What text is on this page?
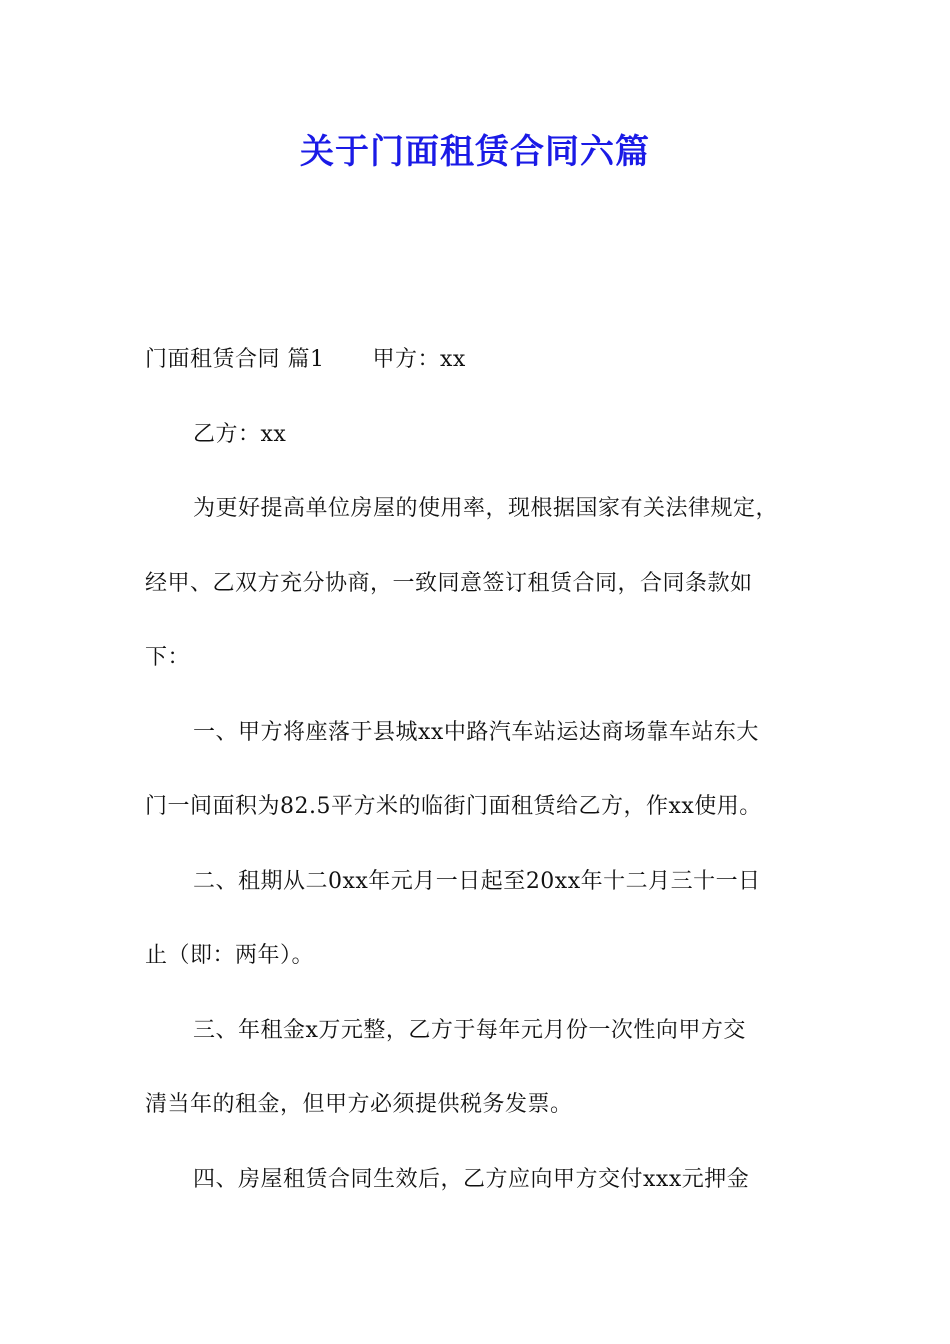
关于门面租赁合同六篇
门面租赁合同 篇1 甲方：xx
乙方：xx
为更好提高单位房屋的使用率，现根据国家有关法律规定，
经甲、乙双方充分协商，一致同意签订租赁合同，合同条款如
下：
一、甲方将座落于县城xx中路汽车站运达商场靠车站东大
门一间面积为82.5平方米的临街门面租赁给乙方，作xx使用。
二、租期从二0xx年元月一日起至20xx年十二月三十一日
止（即：两年）。
三、年租金x万元整，乙方于每年元月份一次性向甲方交
清当年的租金，但甲方必须提供税务发票。
四、房屋租赁合同生效后，乙方应向甲方交付xxx元押金
